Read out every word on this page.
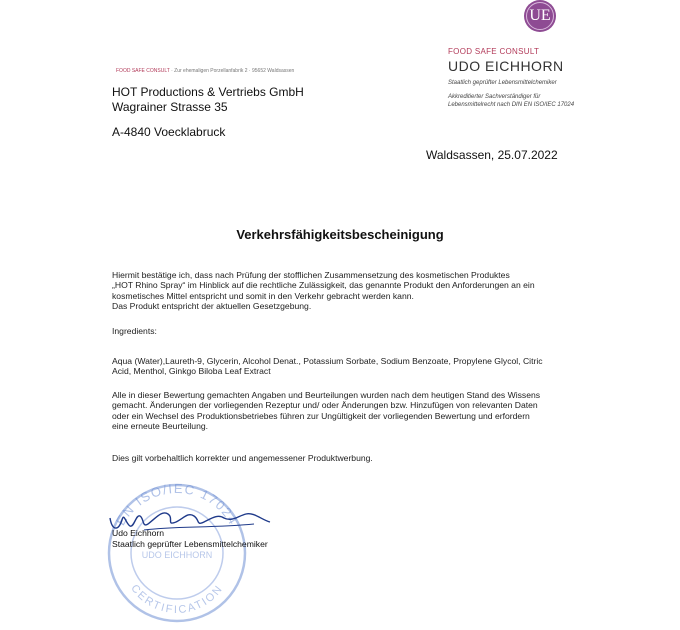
UE
FOOD SAFE CONSULT
UDO EICHHORN
Staatlich geprüfter Lebensmittelchemiker
Akkreditierter Sachverständiger für
Lebensmittelrecht nach DIN EN ISO/IEC 17024
FOOD SAFE CONSULT · Zur ehemaligen Porzellanfabrik 2 · 95652 Waldsassen
HOT Productions & Vertriebs GmbH
Wagrainer Strasse 35
A-4840 Voecklabruck
Waldsassen, 25.07.2022
Verkehrsfähigkeitsbescheinigung
Hiermit bestätige ich, dass nach Prüfung der stofflichen Zusammensetzung des kosmetischen Produktes
„HOT Rhino Spray“ im Hinblick auf die rechtliche Zulässigkeit, das genannte Produkt den Anforderungen an ein
kosmetisches Mittel entspricht und somit in den Verkehr gebracht werden kann.
Das Produkt entspricht der aktuellen Gesetzgebung.
Ingredients:
Aqua (Water),Laureth-9, Glycerin, Alcohol Denat., Potassium Sorbate, Sodium Benzoate, Propylene Glycol, Citric
Acid, Menthol, Ginkgo Biloba Leaf Extract
Alle in dieser Bewertung gemachten Angaben und Beurteilungen wurden nach dem heutigen Stand des Wissens
gemacht. Änderungen der vorliegenden Rezeptur und/ oder Änderungen bzw. Hinzufügen von relevanten Daten
oder ein Wechsel des Produktionsbetriebes führen zur Ungültigkeit der vorliegenden Bewertung und erfordern
eine erneute Beurteilung.
Dies gilt vorbehaltlich korrekter und angemessener Produktwerbung.
EN ISO/IEC 17024
UDO EICHHORN
CERTIFICATION
Udo Eichhorn
Staatlich geprüfter Lebensmittelchemiker
